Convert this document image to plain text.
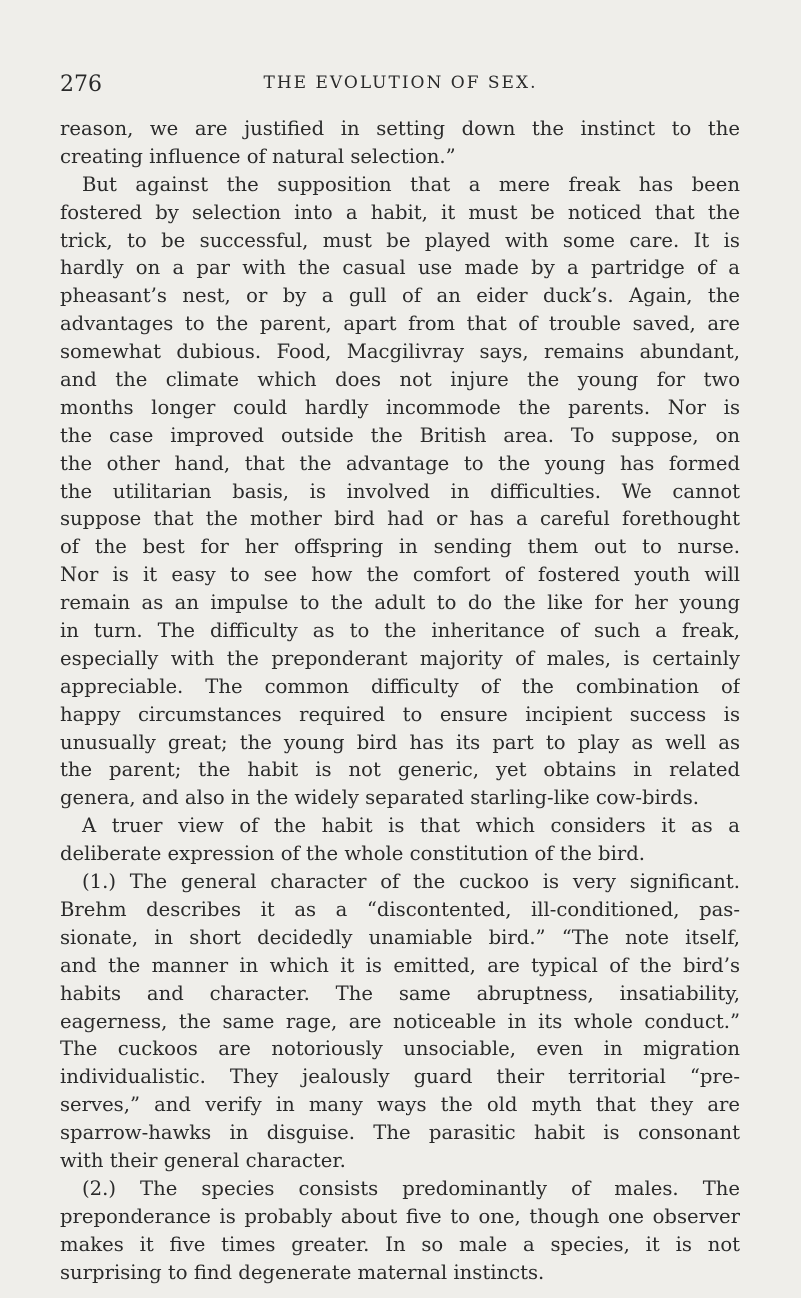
276	THE EVOLUTION OF SEX.
reason, we are justified in setting down the instinct to the
creating influence of natural selection.”
But against the supposition that a mere freak has been
fostered by selection into a habit, it must be noticed that the
trick, to be successful, must be played with some care. It is
hardly on a par with the casual use made by a partridge of a
pheasant’s nest, or by a gull of an eider duck’s. Again, the
advantages to the parent, apart from that of trouble saved, are
somewhat dubious. Food, Macgilivray says, remains abundant,
and the climate which does not injure the young for two
months longer could hardly incommode the parents. Nor is
the case improved outside the British area. To suppose, on
the other hand, that the advantage to the young has formed
the utilitarian basis, is involved in difficulties. We cannot
suppose that the mother bird had or has a careful forethought
of the best for her offspring in sending them out to nurse.
Nor is it easy to see how the comfort of fostered youth will
remain as an impulse to the adult to do the like for her young
in turn. The difficulty as to the inheritance of such a freak,
especially with the preponderant majority of males, is certainly
appreciable. The common difficulty of the combination of
happy circumstances required to ensure incipient success is
unusually great; the young bird has its part to play as well as
the parent; the habit is not generic, yet obtains in related
genera, and also in the widely separated starling-like cow-birds.
A truer view of the habit is that which considers it as a
deliberate expression of the whole constitution of the bird.
(1.) The general character of the cuckoo is very significant.
Brehm describes it as a “discontented, ill-conditioned, pas-
sionate, in short decidedly unamiable bird.” “The note itself,
and the manner in which it is emitted, are typical of the bird’s
habits and character. The same abruptness, insatiability,
eagerness, the same rage, are noticeable in its whole conduct.”
The cuckoos are notoriously unsociable, even in migration
individualistic. They jealously guard their territorial “pre-
serves,” and verify in many ways the old myth that they are
sparrow-hawks in disguise. The parasitic habit is consonant
with their general character.
(2.) The species consists predominantly of males. The
preponderance is probably about five to one, though one observer
makes it five times greater. In so male a species, it is not
surprising to find degenerate maternal instincts.
